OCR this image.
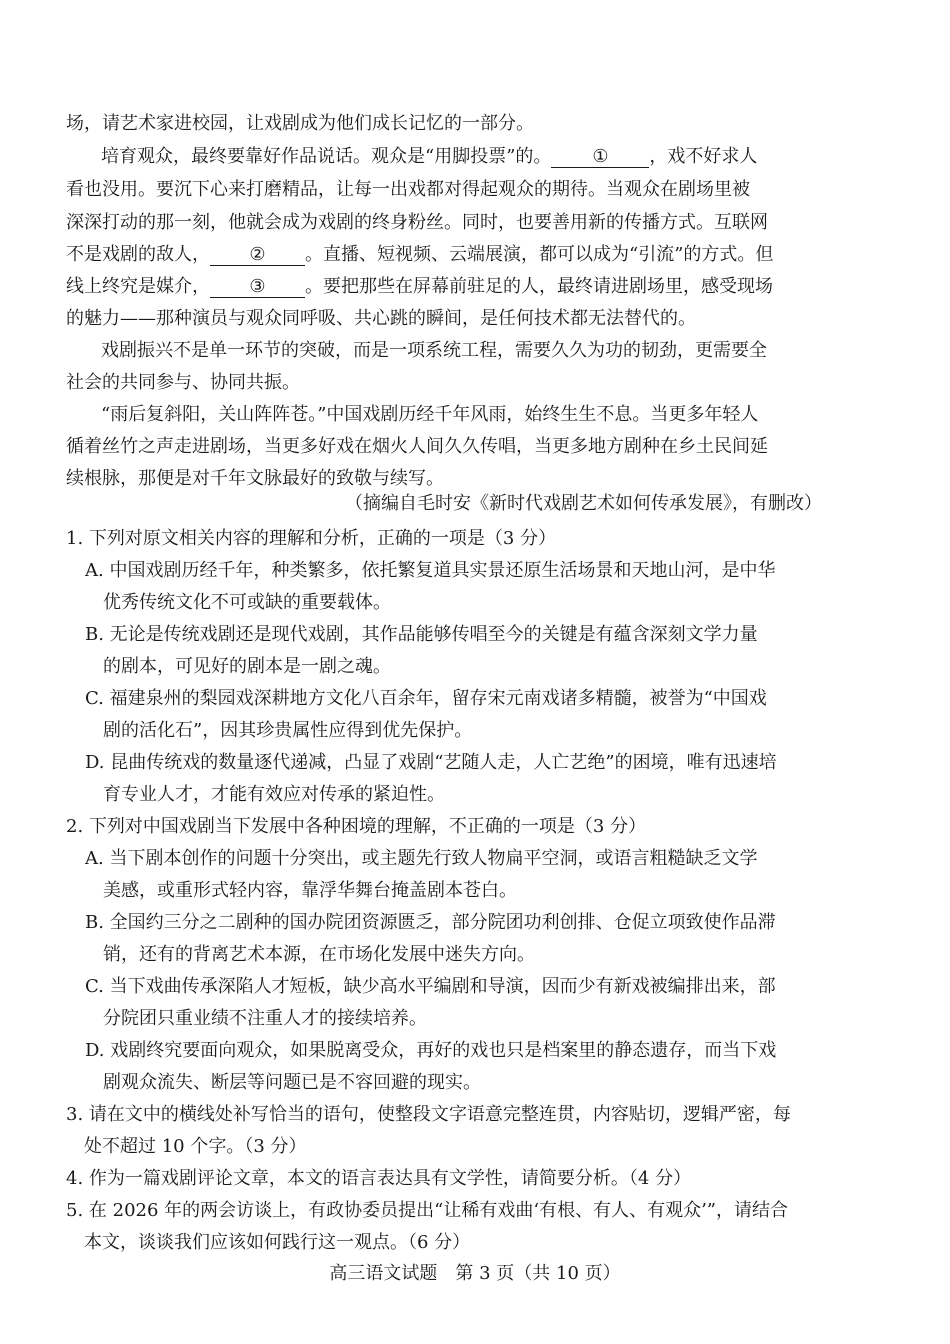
场，请艺术家进校园，让戏剧成为他们成长记忆的一部分。
培育观众，最终要靠好作品说话。观众是“用脚投票”的。 ① ，戏不好求人
看也没用。要沉下心来打磨精品，让每一出戏都对得起观众的期待。当观众在剧场里被
深深打动的那一刻，他就会成为戏剧的终身粉丝。同时，也要善用新的传播方式。互联网
不是戏剧的敌人， ② 。直播、短视频、云端展演，都可以成为“引流”的方式。但
线上终究是媒介， ③ 。要把那些在屏幕前驻足的人，最终请进剧场里，感受现场
的魅力——那种演员与观众同呼吸、共心跳的瞬间，是任何技术都无法替代的。
戏剧振兴不是单一环节的突破，而是一项系统工程，需要久久为功的韧劲，更需要全
社会的共同参与、协同共振。
“雨后复斜阳，关山阵阵苍。”中国戏剧历经千年风雨，始终生生不息。当更多年轻人
循着丝竹之声走进剧场，当更多好戏在烟火人间久久传唱，当更多地方剧种在乡土民间延
续根脉，那便是对千年文脉最好的致敬与续写。
（摘编自毛时安《新时代戏剧艺术如何传承发展》，有删改）
1. 下列对原文相关内容的理解和分析，正确的一项是（3 分）
A. 中国戏剧历经千年，种类繁多，依托繁复道具实景还原生活场景和天地山河，是中华
优秀传统文化不可或缺的重要载体。
B. 无论是传统戏剧还是现代戏剧，其作品能够传唱至今的关键是有蕴含深刻文学力量
的剧本，可见好的剧本是一剧之魂。
C. 福建泉州的梨园戏深耕地方文化八百余年，留存宋元南戏诸多精髓，被誉为“中国戏
剧的活化石”，因其珍贵属性应得到优先保护。
D. 昆曲传统戏的数量逐代递减，凸显了戏剧“艺随人走，人亡艺绝”的困境，唯有迅速培
育专业人才，才能有效应对传承的紧迫性。
2. 下列对中国戏剧当下发展中各种困境的理解，不正确的一项是（3 分）
A. 当下剧本创作的问题十分突出，或主题先行致人物扁平空洞，或语言粗糙缺乏文学
美感，或重形式轻内容，靠浮华舞台掩盖剧本苍白。
B. 全国约三分之二剧种的国办院团资源匮乏，部分院团功利创排、仓促立项致使作品滞
销，还有的背离艺术本源，在市场化发展中迷失方向。
C. 当下戏曲传承深陷人才短板，缺少高水平编剧和导演，因而少有新戏被编排出来，部
分院团只重业绩不注重人才的接续培养。
D. 戏剧终究要面向观众，如果脱离受众，再好的戏也只是档案里的静态遗存，而当下戏
剧观众流失、断层等问题已是不容回避的现实。
3. 请在文中的横线处补写恰当的语句，使整段文字语意完整连贯，内容贴切，逻辑严密，每
处不超过 10 个字。（3 分）
4. 作为一篇戏剧评论文章，本文的语言表达具有文学性，请简要分析。（4 分）
5. 在 2026 年的两会访谈上，有政协委员提出“让稀有戏曲‘有根、有人、有观众’”，请结合
本文，谈谈我们应该如何践行这一观点。（6 分）
高三语文试题　第 3 页（共 10 页）
